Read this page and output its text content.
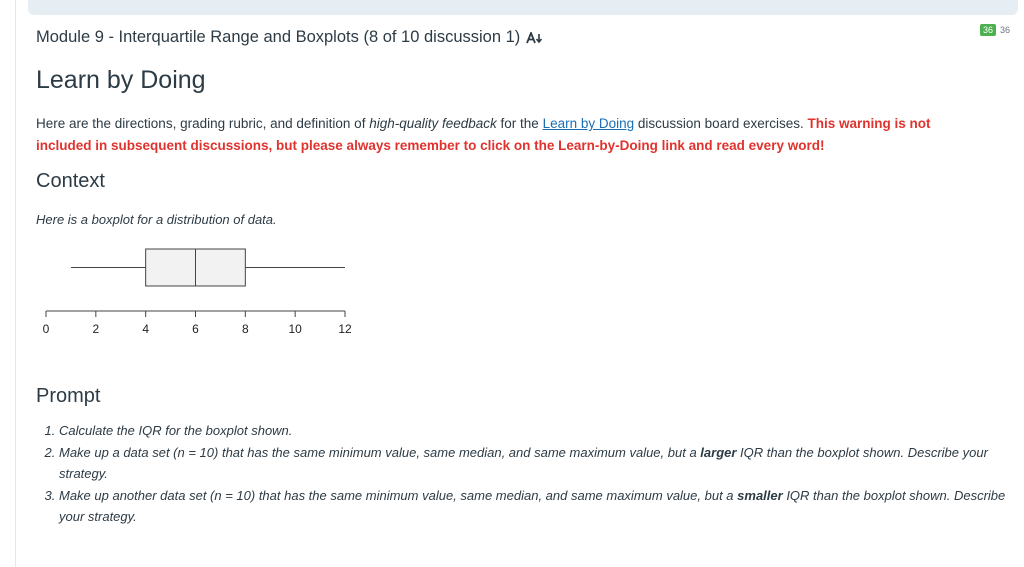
36 36
Module 9 - Interquartile Range and Boxplots (8 of 10 discussion 1)
Learn by Doing

Here are the directions, grading rubric, and definition of high-quality feedback for the Learn by Doing discussion board exercises. This warning is not included in subsequent discussions, but please always remember to click on the Learn-by-Doing link and read every word!

Context

Here is a boxplot for a distribution of data.

0	2	4	6	8	10	12
Prompt
1. Calculate the IQR for the boxplot shown.
2. Make up a data set (n = 10) that has the same minimum value, same median, and same maximum value, but a larger IQR than the boxplot shown. Describe your strategy.
3. Make up another data set (n = 10) that has the same minimum value, same median, and same maximum value, but a smaller IQR than the boxplot shown. Describe your strategy.
